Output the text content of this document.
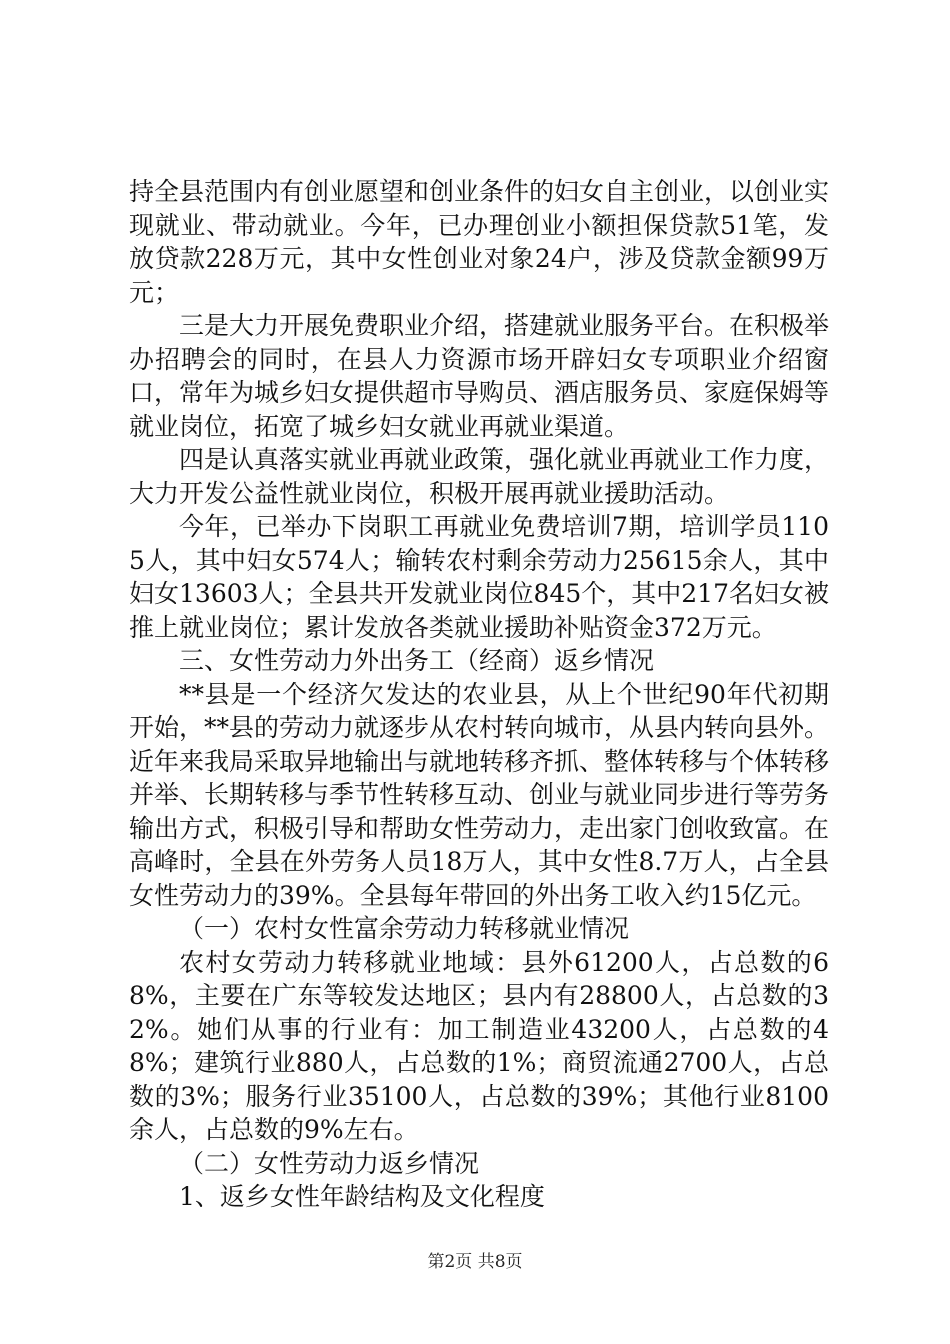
持全县范围内有创业愿望和创业条件的妇女自主创业，以创业实现就业、带动就业。今年，已办理创业小额担保贷款51笔，发放贷款228万元，其中女性创业对象24户，涉及贷款金额99万元；

三是大力开展免费职业介绍，搭建就业服务平台。在积极举办招聘会的同时，在县人力资源市场开辟妇女专项职业介绍窗口，常年为城乡妇女提供超市导购员、酒店服务员、家庭保姆等就业岗位，拓宽了城乡妇女就业再就业渠道。

四是认真落实就业再就业政策，强化就业再就业工作力度，大力开发公益性就业岗位，积极开展再就业援助活动。

今年，已举办下岗职工再就业免费培训7期，培训学员1105人，其中妇女574人；输转农村剩余劳动力25615余人，其中妇女13603人；全县共开发就业岗位845个，其中217名妇女被推上就业岗位；累计发放各类就业援助补贴资金372万元。

三、女性劳动力外出务工（经商）返乡情况

**县是一个经济欠发达的农业县，从上个世纪90年代初期开始，**县的劳动力就逐步从农村转向城市，从县内转向县外。近年来我局采取异地输出与就地转移齐抓、整体转移与个体转移并举、长期转移与季节性转移互动、创业与就业同步进行等劳务输出方式，积极引导和帮助女性劳动力，走出家门创收致富。在高峰时，全县在外劳务人员18万人，其中女性8.7万人，占全县女性劳动力的39%。全县每年带回的外出务工收入约15亿元。

（一）农村女性富余劳动力转移就业情况

农村女劳动力转移就业地域：县外61200人，占总数的68%，主要在广东等较发达地区；县内有28800人，占总数的32%。她们从事的行业有：加工制造业43200人，占总数的48%；建筑行业880人，占总数的1%；商贸流通2700人，占总数的3%；服务行业35100人，占总数的39%；其他行业8100余人，占总数的9%左右。

（二）女性劳动力返乡情况

1、返乡女性年龄结构及文化程度

第2页 共8页
